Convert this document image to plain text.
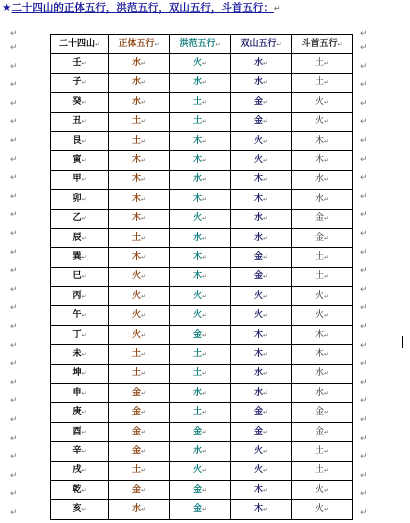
★二十四山的正体五行，洪范五行，双山五行，斗首五行：↵
↵
↵
↵
↵
↵
↵
↵
↵
↵
↵
↵
↵
↵
↵
↵
↵
↵
↵
↵
↵
↵
↵
↵
↵
↵
↵
↵
↵
↵
↵
↵
↵
↵
↵
↵
↵
↵
↵
↵
↵
↵
↵
↵
↵
↵
↵
↵
↵
↵
↵
↵
↵
↵
↵
二十四山↵	正体五行↵	洪范五行↵	双山五行↵	斗首五行↵
壬↵	水↵	火↵	水↵	土↵
子↵	水↵	水↵	水↵	土↵
癸↵	水↵	土↵	金↵	火↵
丑↵	土↵	土↵	金↵	火↵
艮↵	土↵	木↵	火↵	木↵
寅↵	木↵	木↵	火↵	木↵
甲↵	木↵	水↵	木↵	水↵
卯↵	木↵	木↵	木↵	水↵
乙↵	木↵	火↵	水↵	金↵
辰↵	土↵	水↵	水↵	金↵
巽↵	木↵	木↵	金↵	土↵
巳↵	火↵	木↵	金↵	土↵
丙↵	火↵	火↵	火↵	火↵
午↵	火↵	火↵	火↵	火↵
丁↵	火↵	金↵	木↵	木↵
未↵	土↵	土↵	木↵	木↵
坤↵	土↵	土↵	水↵	水↵
申↵	金↵	水↵	水↵	水↵
庚↵	金↵	土↵	金↵	金↵
酉↵	金↵	金↵	金↵	金↵
辛↵	金↵	水↵	火↵	土↵
戌↵	土↵	火↵	火↵	土↵
乾↵	金↵	金↵	木↵	火↵
亥↵	水↵	金↵	木↵	火↵
